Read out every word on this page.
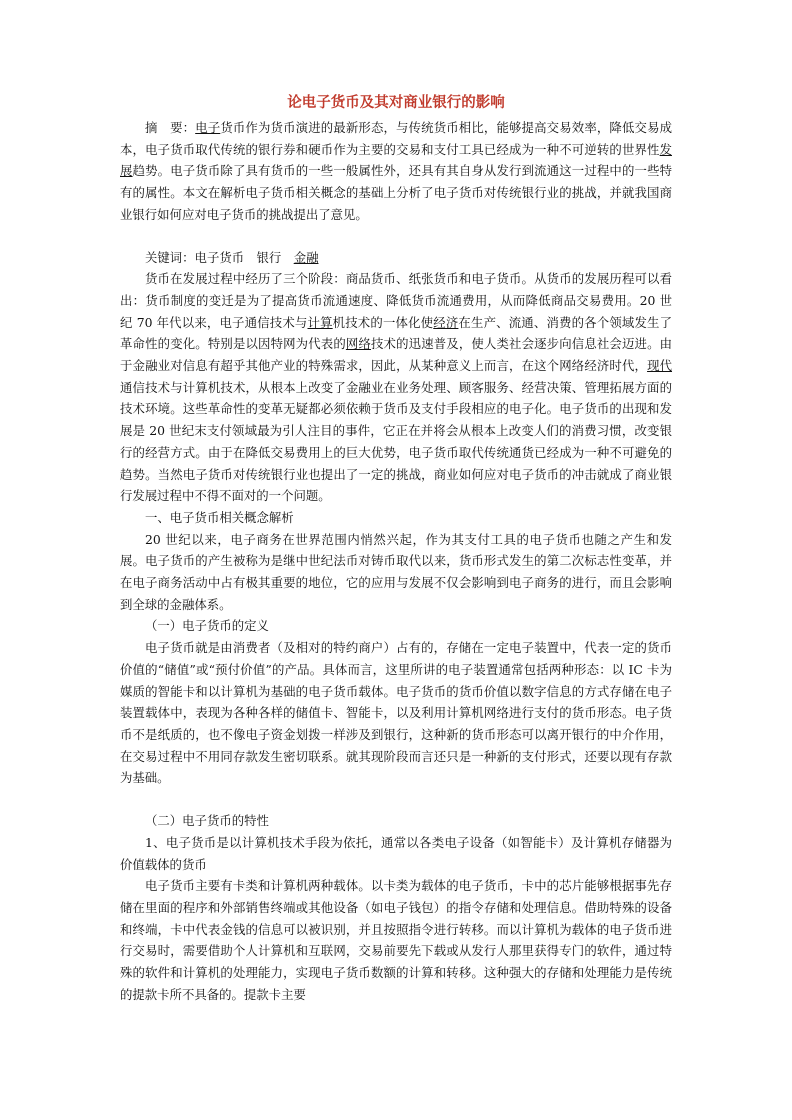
论电子货币及其对商业银行的影响

摘　要：电子货币作为货币演进的最新形态，与传统货币相比，能够提高交易效率，降低交易成本，电子货币取代传统的银行券和硬币作为主要的交易和支付工具已经成为一种不可逆转的世界性发展趋势。电子货币除了具有货币的一些一般属性外，还具有其自身从发行到流通这一过程中的一些特有的属性。本文在解析电子货币相关概念的基础上分析了电子货币对传统银行业的挑战，并就我国商业银行如何应对电子货币的挑战提出了意见。

关键词：电子货币　银行　金融

货币在发展过程中经历了三个阶段：商品货币、纸张货币和电子货币。从货币的发展历程可以看出：货币制度的变迁是为了提高货币流通速度、降低货币流通费用，从而降低商品交易费用。20 世纪 70 年代以来，电子通信技术与计算机技术的一体化使经济在生产、流通、消费的各个领域发生了革命性的变化。特别是以因特网为代表的网络技术的迅速普及，使人类社会逐步向信息社会迈进。由于金融业对信息有超乎其他产业的特殊需求，因此，从某种意义上而言，在这个网络经济时代，现代通信技术与计算机技术，从根本上改变了金融业在业务处理、顾客服务、经营决策、管理拓展方面的技术环境。这些革命性的变革无疑都必须依赖于货币及支付手段相应的电子化。电子货币的出现和发展是 20 世纪末支付领域最为引人注目的事件，它正在并将会从根本上改变人们的消费习惯，改变银行的经营方式。由于在降低交易费用上的巨大优势，电子货币取代传统通货已经成为一种不可避免的趋势。当然电子货币对传统银行业也提出了一定的挑战，商业如何应对电子货币的冲击就成了商业银行发展过程中不得不面对的一个问题。

一、电子货币相关概念解析

20 世纪以来，电子商务在世界范围内悄然兴起，作为其支付工具的电子货币也随之产生和发展。电子货币的产生被称为是继中世纪法币对铸币取代以来，货币形式发生的第二次标志性变革，并在电子商务活动中占有极其重要的地位，它的应用与发展不仅会影响到电子商务的进行，而且会影响到全球的金融体系。

（一）电子货币的定义

电子货币就是由消费者（及相对的特约商户）占有的，存储在一定电子装置中，代表一定的货币价值的“储值”或“预付价值”的产品。具体而言，这里所讲的电子装置通常包括两种形态：以 IC 卡为媒质的智能卡和以计算机为基础的电子货币载体。电子货币的货币价值以数字信息的方式存储在电子装置载体中，表现为各种各样的储值卡、智能卡，以及利用计算机网络进行支付的货币形态。电子货币不是纸质的，也不像电子资金划拨一样涉及到银行，这种新的货币形态可以离开银行的中介作用，在交易过程中不用同存款发生密切联系。就其现阶段而言还只是一种新的支付形式，还要以现有存款为基础。

（二）电子货币的特性

1、电子货币是以计算机技术手段为依托，通常以各类电子设备（如智能卡）及计算机存储器为价值载体的货币

电子货币主要有卡类和计算机两种载体。以卡类为载体的电子货币，卡中的芯片能够根据事先存储在里面的程序和外部销售终端或其他设备（如电子钱包）的指令存储和处理信息。借助特殊的设备和终端，卡中代表金钱的信息可以被识别，并且按照指令进行转移。而以计算机为载体的电子货币进行交易时，需要借助个人计算机和互联网，交易前要先下载或从发行人那里获得专门的软件，通过特殊的软件和计算机的处理能力，实现电子货币数额的计算和转移。这种强大的存储和处理能力是传统的提款卡所不具备的。提款卡主要
